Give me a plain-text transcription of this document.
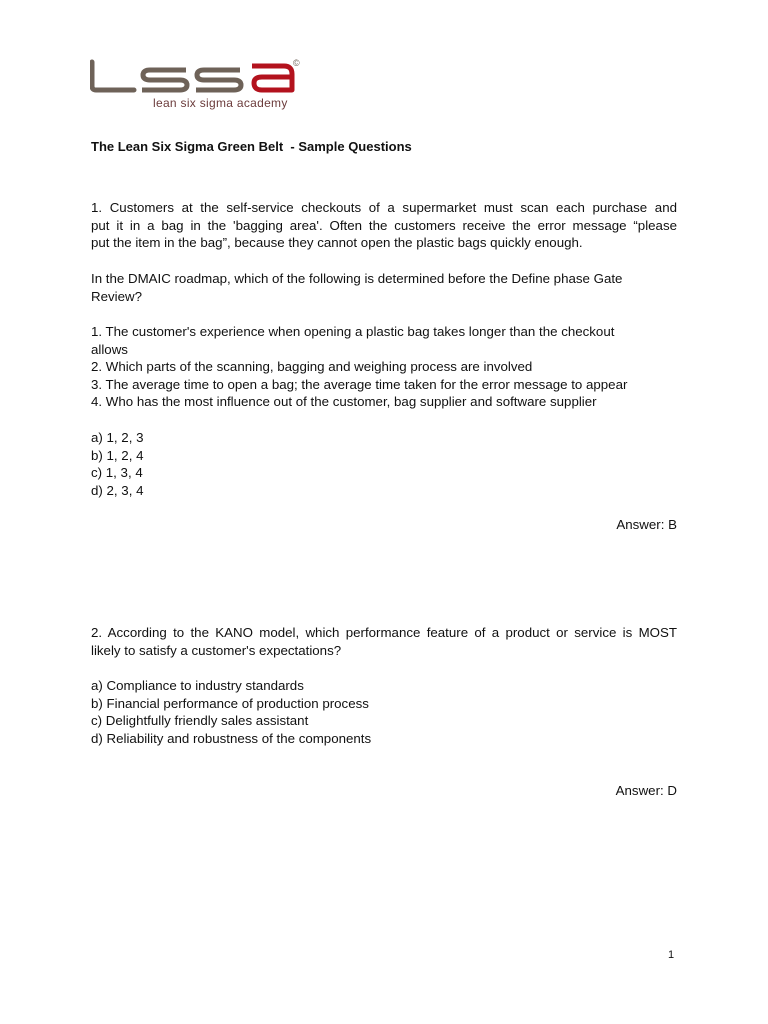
©
lean six sigma academy
The Lean Six Sigma Green Belt  - Sample Questions
1. Customers at the self-service checkouts of a supermarket must scan each purchase and
put it in a bag in the 'bagging area'. Often the customers receive the error message “please
put the item in the bag”, because they cannot open the plastic bags quickly enough.
In the DMAIC roadmap, which of the following is determined before the Define phase Gate
Review?
1. The customer's experience when opening a plastic bag takes longer than the checkout
allows
2. Which parts of the scanning, bagging and weighing process are involved
3. The average time to open a bag; the average time taken for the error message to appear
4. Who has the most influence out of the customer, bag supplier and software supplier
a) 1, 2, 3
b) 1, 2, 4
c) 1, 3, 4
d) 2, 3, 4
Answer: B
2. According to the KANO model, which performance feature of a product or service is MOST
likely to satisfy a customer's expectations?
a) Compliance to industry standards
b) Financial performance of production process
c) Delightfully friendly sales assistant
d) Reliability and robustness of the components
Answer: D
1
